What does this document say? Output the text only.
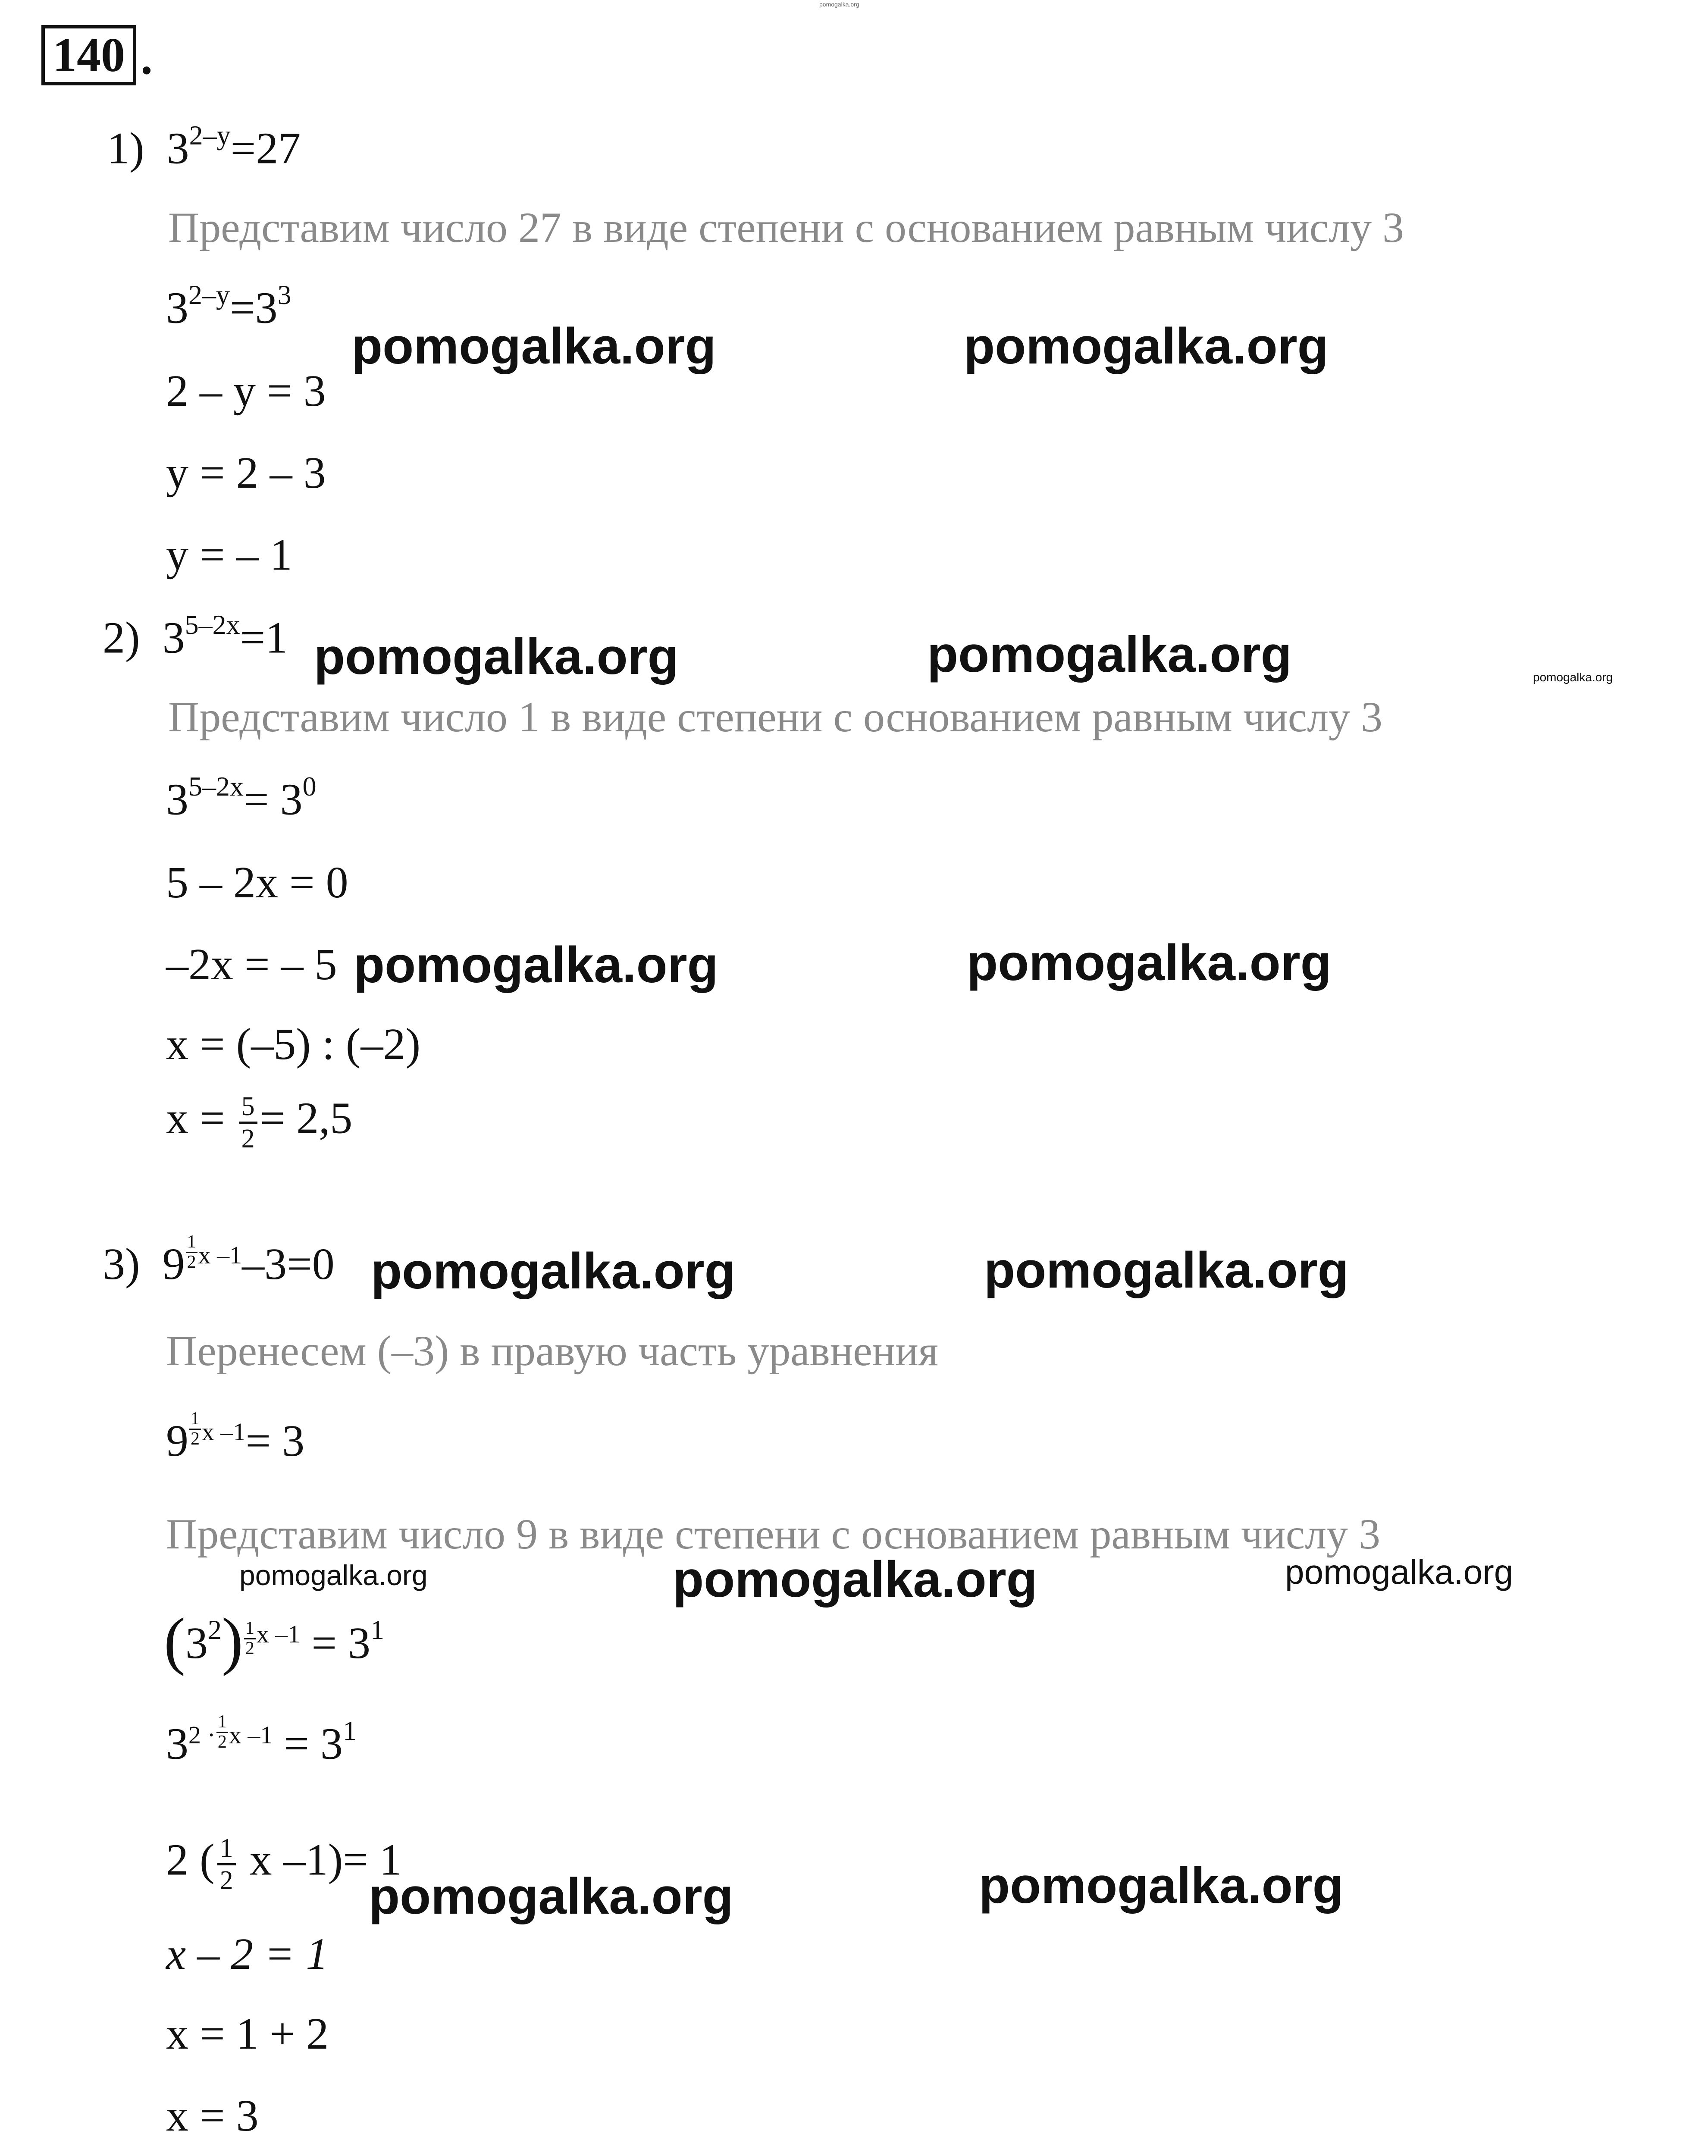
140 .
pomogalka.org
1) $3^{2-y}=27$
Представим число 27 в виде степени с основанием равным числу 3
$3^{2-y}=3^3$
2 – y = 3
y = 2 – 3
y = – 1
2) $3^{5-2x}=1$
Представим число 1 в виде степени с основанием равным числу 3
$3^{5-2x}= 3^0$
5 – 2x = 0
–2x = – 5
x = (–5) : (–2)
$x = \frac{5}{2} = 2,5$
3) 9 $^{\frac{1}{2} x -1}$–3=0
Перенесем (–3) в правую часть уравнения
9 $^{\frac{1}{2} x -1}$= 3
Представим число 9 в виде степени с основанием равным числу 3
$(3^2) ^{\frac{1}{2} x -1} = 3^1$
$3^{2 \cdot \frac{1}{2} x -1} = 3^1$
2 ( $\frac{1}{2}$ x –1)= 1
x – 2 = 1
x = 1 + 2
x = 3

pomogalka.org	pomogalka.org
pomogalka.org	pomogalka.org
pomogalka.org	pomogalka.org
pomogalka.org	pomogalka.org
pomogalka.org
pomogalka.org	pomogalka.org
pomogalka.org	pomogalka.org
pomogalka.org
